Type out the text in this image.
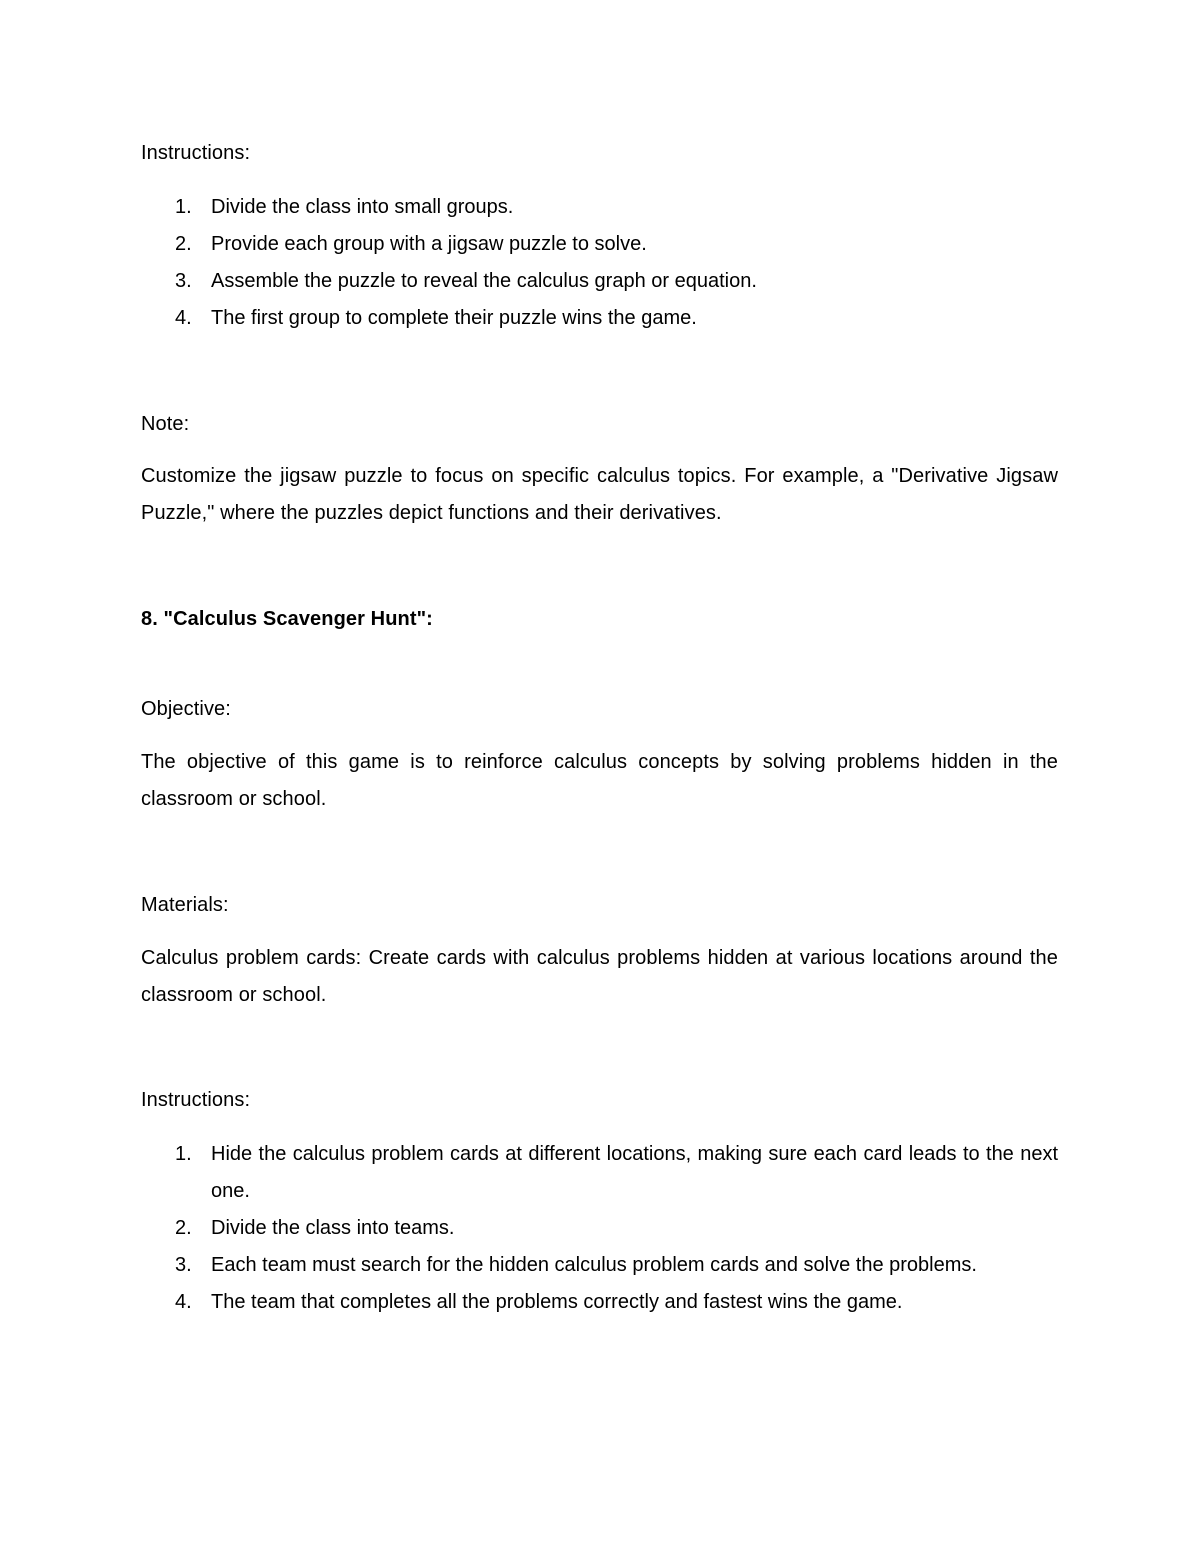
Instructions:
1. Divide the class into small groups.
2. Provide each group with a jigsaw puzzle to solve.
3. Assemble the puzzle to reveal the calculus graph or equation.
4. The first group to complete their puzzle wins the game.
Note:
Customize the jigsaw puzzle to focus on specific calculus topics. For example, a "Derivative Jigsaw Puzzle," where the puzzles depict functions and their derivatives.
8. "Calculus Scavenger Hunt":
Objective:
The objective of this game is to reinforce calculus concepts by solving problems hidden in the classroom or school.
Materials:
Calculus problem cards: Create cards with calculus problems hidden at various locations around the classroom or school.
Instructions:
1. Hide the calculus problem cards at different locations, making sure each card leads to the next one.
2. Divide the class into teams.
3. Each team must search for the hidden calculus problem cards and solve the problems.
4. The team that completes all the problems correctly and fastest wins the game.
